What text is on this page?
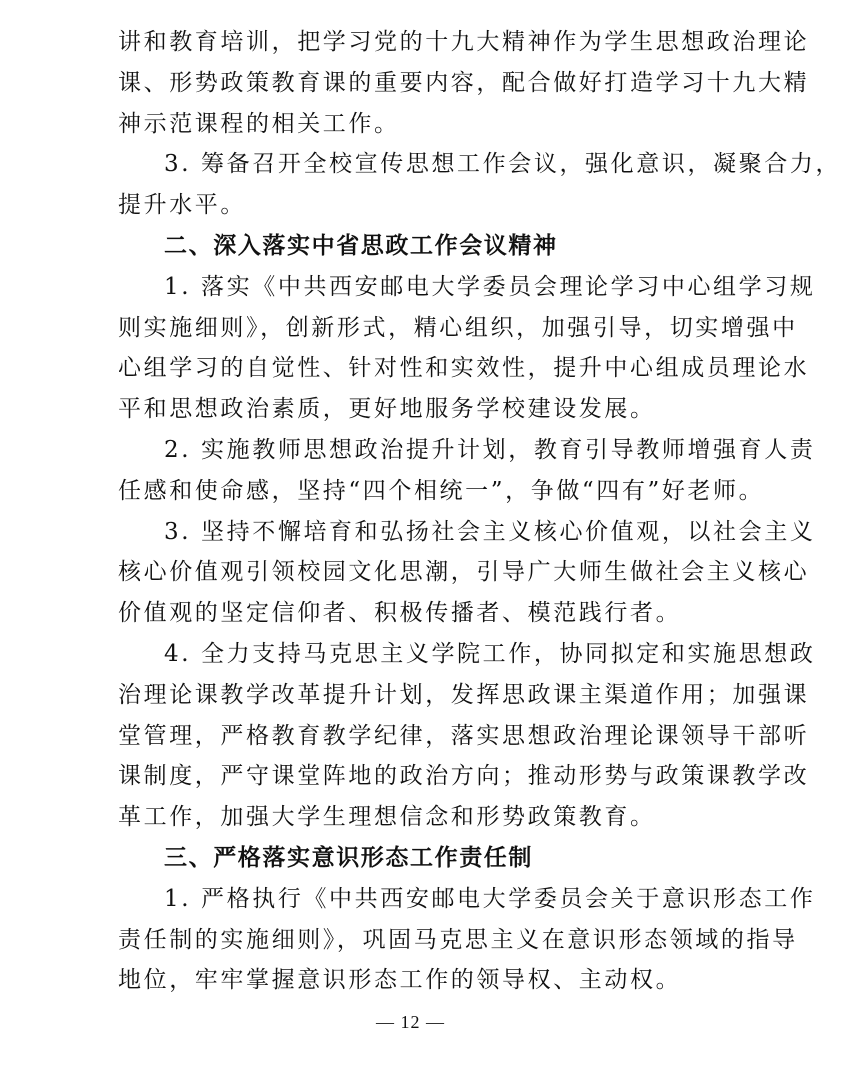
讲和教育培训，把学习党的十九大精神作为学生思想政治理论
课、形势政策教育课的重要内容，配合做好打造学习十九大精
神示范课程的相关工作。
3. 筹备召开全校宣传思想工作会议，强化意识，凝聚合力，
提升水平。
二、深入落实中省思政工作会议精神
1. 落实《中共西安邮电大学委员会理论学习中心组学习规
则实施细则》，创新形式，精心组织，加强引导，切实增强中
心组学习的自觉性、针对性和实效性，提升中心组成员理论水
平和思想政治素质，更好地服务学校建设发展。
2. 实施教师思想政治提升计划，教育引导教师增强育人责
任感和使命感，坚持“四个相统一”，争做“四有”好老师。
3. 坚持不懈培育和弘扬社会主义核心价值观，以社会主义
核心价值观引领校园文化思潮，引导广大师生做社会主义核心
价值观的坚定信仰者、积极传播者、模范践行者。
4. 全力支持马克思主义学院工作，协同拟定和实施思想政
治理论课教学改革提升计划，发挥思政课主渠道作用；加强课
堂管理，严格教育教学纪律，落实思想政治理论课领导干部听
课制度，严守课堂阵地的政治方向；推动形势与政策课教学改
革工作，加强大学生理想信念和形势政策教育。
三、严格落实意识形态工作责任制
1. 严格执行《中共西安邮电大学委员会关于意识形态工作
责任制的实施细则》，巩固马克思主义在意识形态领域的指导
地位，牢牢掌握意识形态工作的领导权、主动权。
— 12 —
